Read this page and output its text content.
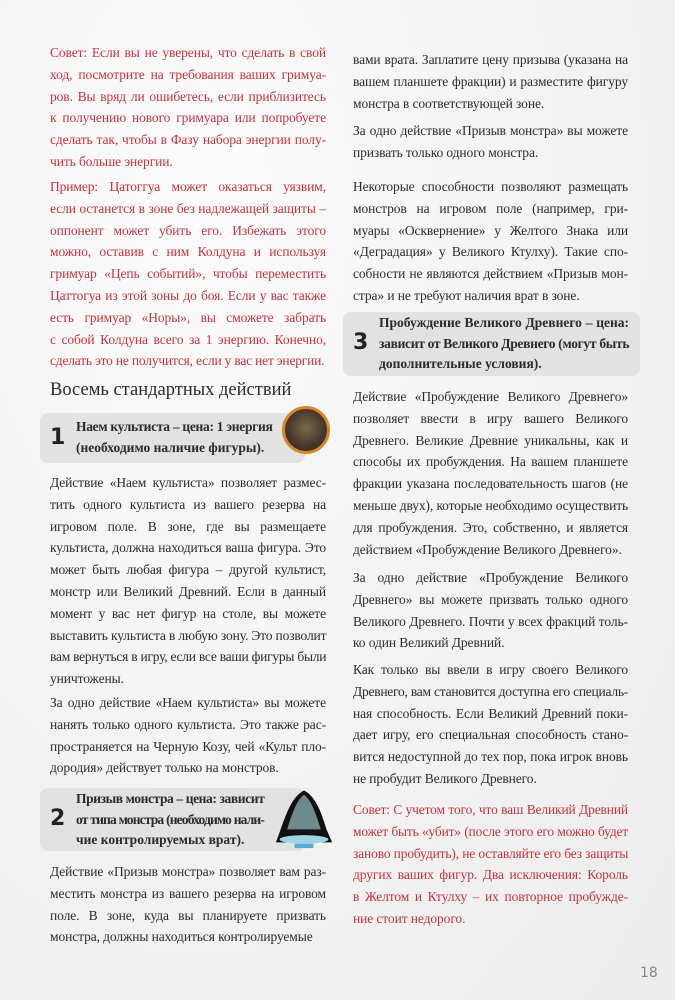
Совет: Если вы не уверены, что сделать в свой
ход, посмотрите на требования ваших гримуа-
ров. Вы вряд ли ошибетесь, если приблизитесь
к получению нового гримуара или попробуете
сделать так, чтобы в Фазу набора энергии полу-
чить больше энергии.
Пример: Цатоггуа может оказаться уязвим,
если останется в зоне без надлежащей защиты –
оппонент может убить его. Избежать этого
можно, оставив с ним Колдуна и используя
гримуар «Цепь событий», чтобы переместить
Цаттогуа из этой зоны до боя. Если у вас также
есть гримуар «Норы», вы сможете забрать
с собой Колдуна всего за 1 энергию. Конечно,
сделать это не получится, если у вас нет энергии.
Восемь стандартных действий
1 Наем культиста – цена: 1 энергия
(необходимо наличие фигуры).
Действие «Наем культиста» позволяет размес-
тить одного культиста из вашего резерва на
игровом поле. В зоне, где вы размещаете
культиста, должна находиться ваша фигура. Это
может быть любая фигура – другой культист,
монстр или Великий Древний. Если в данный
момент у вас нет фигур на столе, вы можете
выставить культиста в любую зону. Это позволит
вам вернуться в игру, если все ваши фигуры были
уничтожены.
За одно действие «Наем культиста» вы можете
нанять только одного культиста. Это также рас-
пространяется на Черную Козу, чей «Культ пло-
дородия» действует только на монстров.
2
Призыв монстра – цена: зависит
от типа монстра (необходимо нали-
чие контролируемых врат).
Действие «Призыв монстра» позволяет вам раз-
местить монстра из вашего резерва на игровом
поле. В зоне, куда вы планируете призвать
монстра, должны находиться контролируемые
вами врата. Заплатите цену призыва (указана на
вашем планшете фракции) и разместите фигуру
монстра в соответствующей зоне.
За одно действие «Призыв монстра» вы можете
призвать только одного монстра.
Некоторые способности позволяют размещать
монстров на игровом поле (например, гри-
муары «Осквернение» у Желтого Знака или
«Деградация» у Великого Ктулху). Такие спо-
собности не являются действием «Призыв мон-
стра» и не требуют наличия врат в зоне.
3
Пробуждение Великого Древнего – цена:
зависит от Великого Древнего (могут быть
дополнительные условия).
Действие «Пробуждение Великого Древнего»
позволяет ввести в игру вашего Великого
Древнего. Великие Древние уникальны, как и
способы их пробуждения. На вашем планшете
фракции указана последовательность шагов (не
меньше двух), которые необходимо осуществить
для пробуждения. Это, собственно, и является
действием «Пробуждение Великого Древнего».
За одно действие «Пробуждение Великого
Древнего» вы можете призвать только одного
Великого Древнего. Почти у всех фракций толь-
ко один Великий Древний.
Как только вы ввели в игру своего Великого
Древнего, вам становится доступна его специаль-
ная способность. Если Великий Древний поки-
дает игру, его специальная способность стано-
вится недоступной до тех пор, пока игрок вновь
не пробудит Великого Древнего.
Совет: С учетом того, что ваш Великий Древний
может быть «убит» (после этого его можно будет
заново пробудить), не оставляйте его без защиты
других ваших фигур. Два исключения: Король
в Желтом и Ктулху – их повторное пробужде-
ние стоит недорого.
18
